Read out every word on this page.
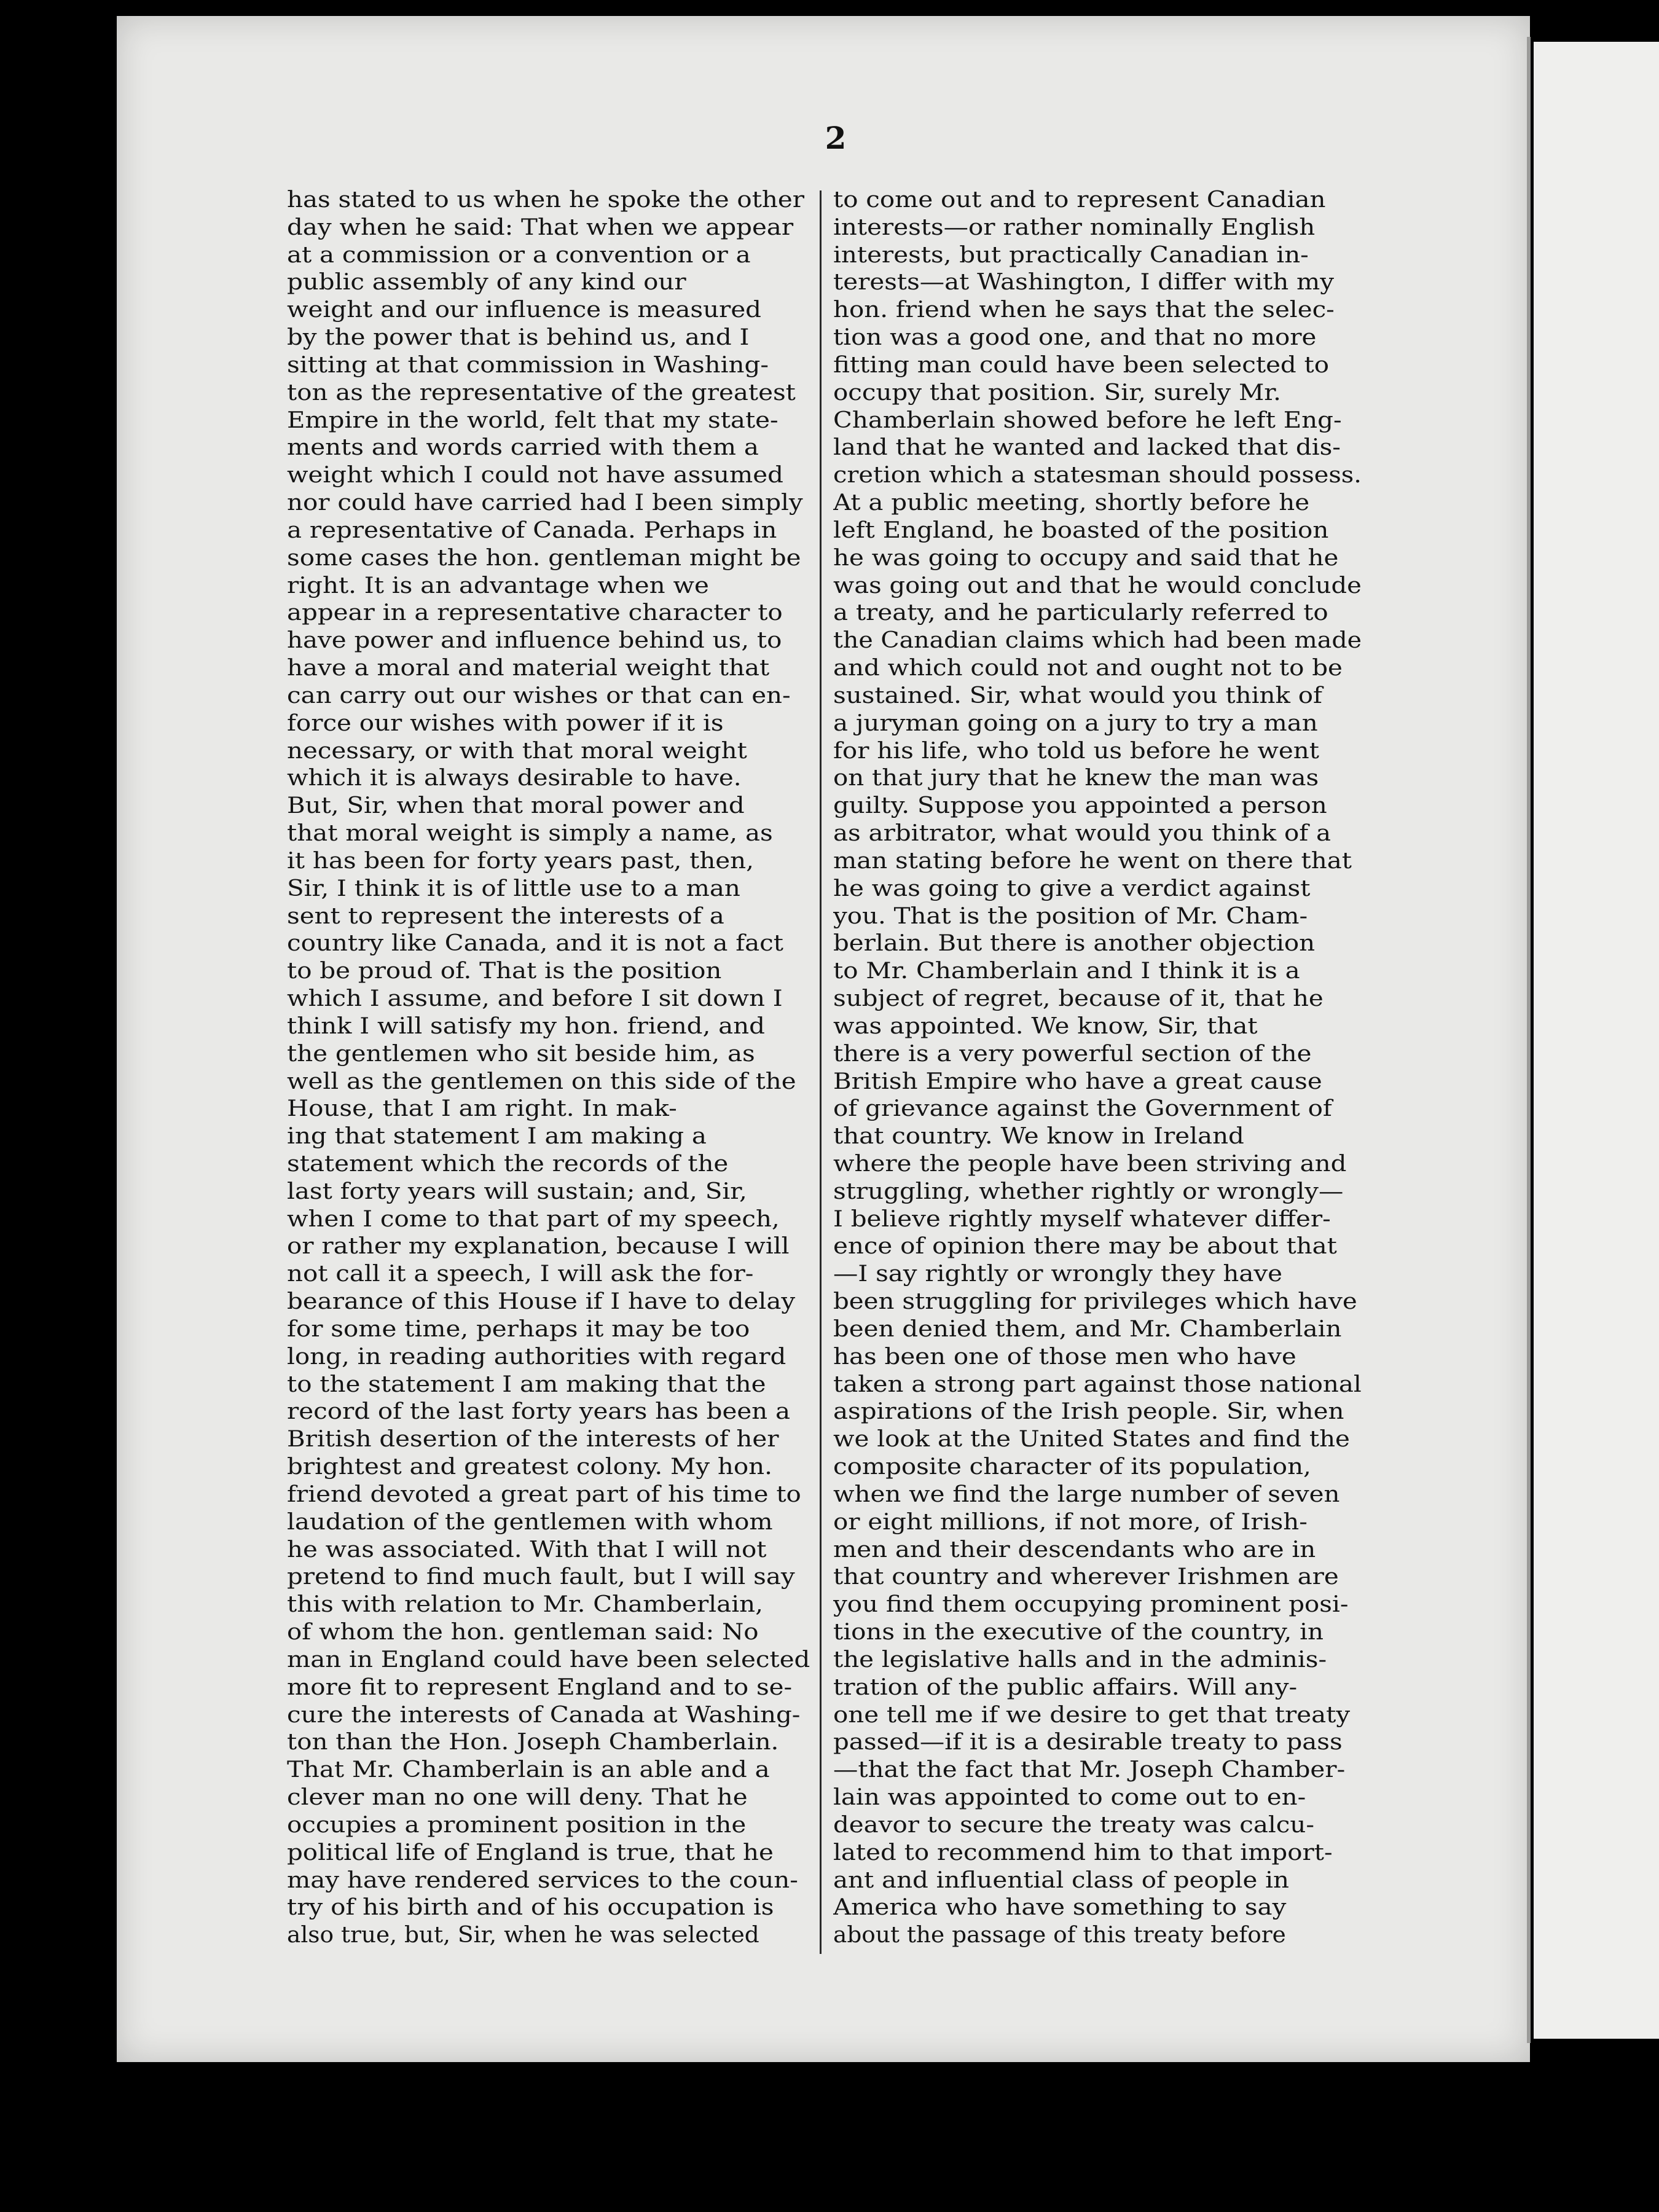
2
has stated to us when he spoke the other
day when he said: That when we appear
at a commission or a convention or a
public assembly of any kind our
weight and our influence is measured
by the power that is behind us, and I
sitting at that commission in Washing-
ton as the representative of the greatest
Empire in the world, felt that my state-
ments and words carried with them a
weight which I could not have assumed
nor could have carried had I been simply
a representative of Canada. Perhaps in
some cases the hon. gentleman might be
right. It is an advantage when we
appear in a representative character to
have power and influence behind us, to
have a moral and material weight that
can carry out our wishes or that can en-
force our wishes with power if it is
necessary, or with that moral weight
which it is always desirable to have.
But, Sir, when that moral power and
that moral weight is simply a name, as
it has been for forty years past, then,
Sir, I think it is of little use to a man
sent to represent the interests of a
country like Canada, and it is not a fact
to be proud of. That is the position
which I assume, and before I sit down I
think I will satisfy my hon. friend, and
the gentlemen who sit beside him, as
well as the gentlemen on this side of the
House, that I am right. In mak-
ing that statement I am making a
statement which the records of the
last forty years will sustain; and, Sir,
when I come to that part of my speech,
or rather my explanation, because I will
not call it a speech, I will ask the for-
bearance of this House if I have to delay
for some time, perhaps it may be too
long, in reading authorities with regard
to the statement I am making that the
record of the last forty years has been a
British desertion of the interests of her
brightest and greatest colony. My hon.
friend devoted a great part of his time to
laudation of the gentlemen with whom
he was associated. With that I will not
pretend to find much fault, but I will say
this with relation to Mr. Chamberlain,
of whom the hon. gentleman said: No
man in England could have been selected
more fit to represent England and to se-
cure the interests of Canada at Washing-
ton than the Hon. Joseph Chamberlain.
That Mr. Chamberlain is an able and a
clever man no one will deny. That he
occupies a prominent position in the
political life of England is true, that he
may have rendered services to the coun-
try of his birth and of his occupation is
also true, but, Sir, when he was selected
to come out and to represent Canadian
interests—or rather nominally English
interests, but practically Canadian in-
terests—at Washington, I differ with my
hon. friend when he says that the selec-
tion was a good one, and that no more
fitting man could have been selected to
occupy that position. Sir, surely Mr.
Chamberlain showed before he left Eng-
land that he wanted and lacked that dis-
cretion which a statesman should possess.
At a public meeting, shortly before he
left England, he boasted of the position
he was going to occupy and said that he
was going out and that he would conclude
a treaty, and he particularly referred to
the Canadian claims which had been made
and which could not and ought not to be
sustained. Sir, what would you think of
a juryman going on a jury to try a man
for his life, who told us before he went
on that jury that he knew the man was
guilty. Suppose you appointed a person
as arbitrator, what would you think of a
man stating before he went on there that
he was going to give a verdict against
you. That is the position of Mr. Cham-
berlain. But there is another objection
to Mr. Chamberlain and I think it is a
subject of regret, because of it, that he
was appointed. We know, Sir, that
there is a very powerful section of the
British Empire who have a great cause
of grievance against the Government of
that country. We know in Ireland
where the people have been striving and
struggling, whether rightly or wrongly—
I believe rightly myself whatever differ-
ence of opinion there may be about that
—I say rightly or wrongly they have
been struggling for privileges which have
been denied them, and Mr. Chamberlain
has been one of those men who have
taken a strong part against those national
aspirations of the Irish people. Sir, when
we look at the United States and find the
composite character of its population,
when we find the large number of seven
or eight millions, if not more, of Irish-
men and their descendants who are in
that country and wherever Irishmen are
you find them occupying prominent posi-
tions in the executive of the country, in
the legislative halls and in the adminis-
tration of the public affairs. Will any-
one tell me if we desire to get that treaty
passed—if it is a desirable treaty to pass
—that the fact that Mr. Joseph Chamber-
lain was appointed to come out to en-
deavor to secure the treaty was calcu-
lated to recommend him to that import-
ant and influential class of people in
America who have something to say
about the passage of this treaty before
